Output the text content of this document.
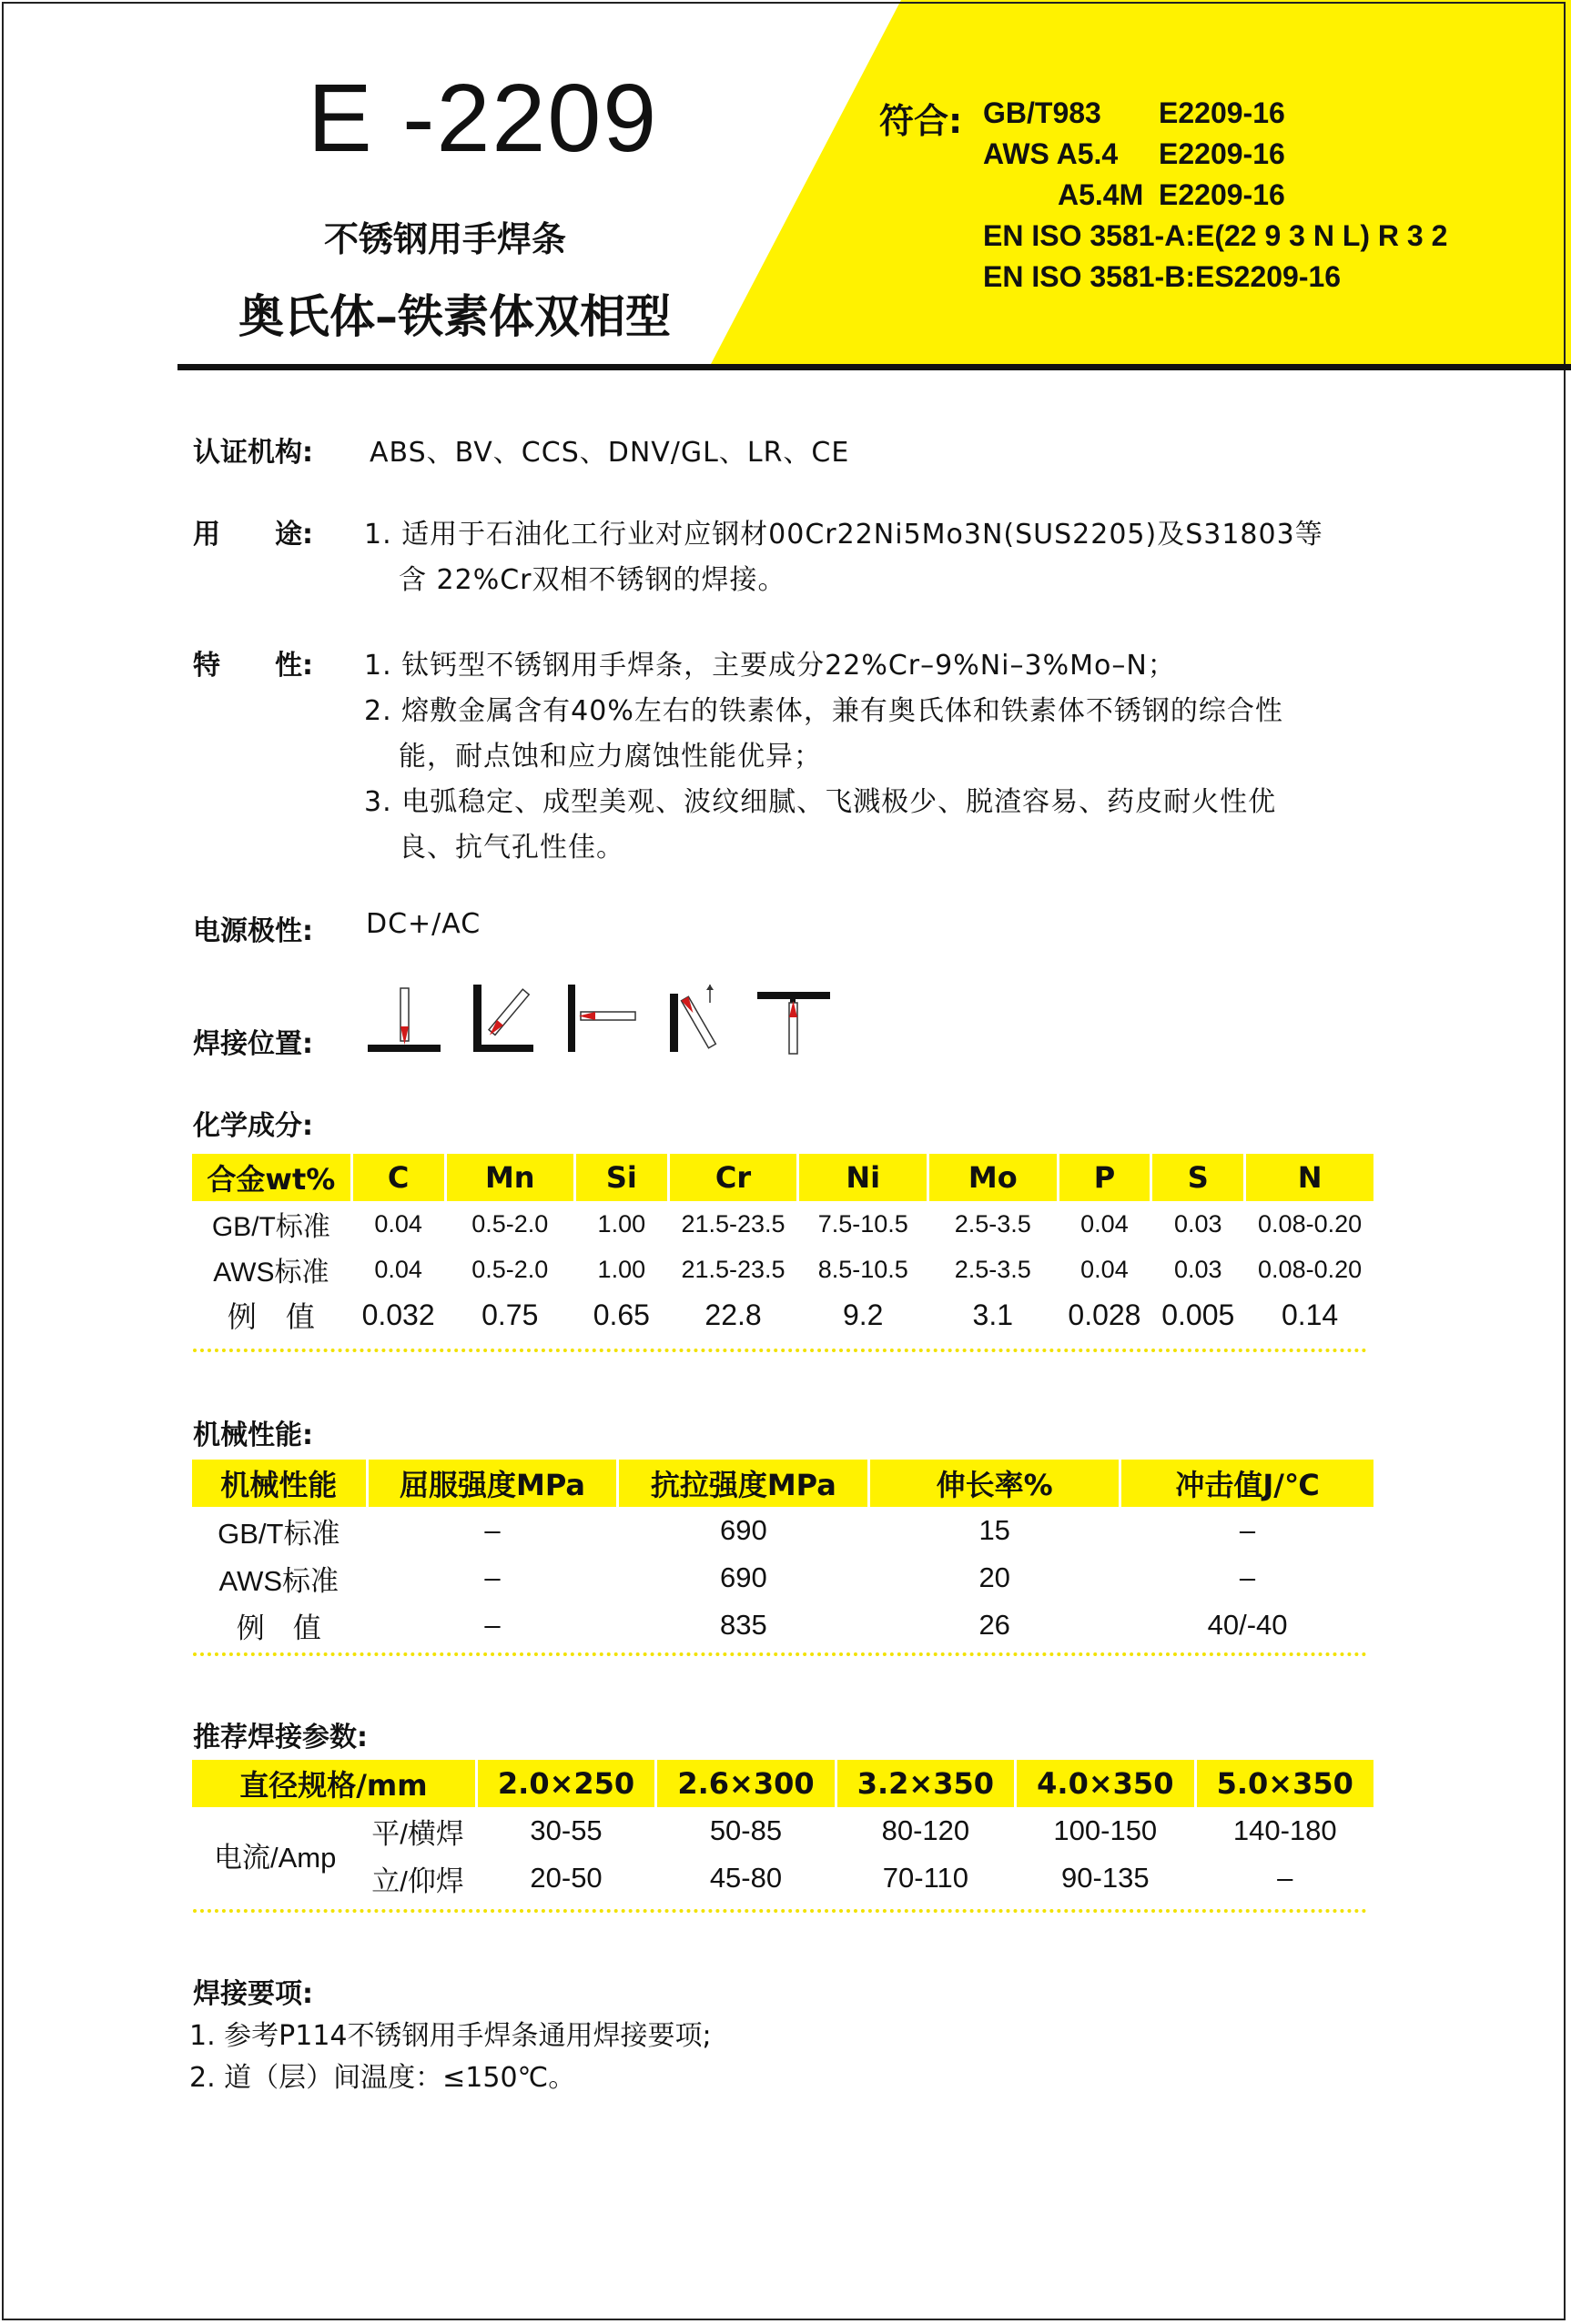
E -2209
不锈钢用手焊条
奥氏体–铁素体双相型
符合: GB/T983 E2209-16
AWS A5.4 E2209-16
A5.4M E2209-16
EN ISO 3581-A:E(22 9 3 N L) R 3 2
EN ISO 3581-B:ES2209-16
认证机构: ABS、BV、CCS、DNV/GL、LR、CE
用　　途: 1. 适用于石油化工行业对应钢材00Cr22Ni5Mo3N(SUS2205)及S31803等
含 22%Cr双相不锈钢的焊接。
特　　性: 1. 钛钙型不锈钢用手焊条，主要成分22%Cr–9%Ni–3%Mo–N；
2. 熔敷金属含有40%左右的铁素体，兼有奥氏体和铁素体不锈钢的综合性
能，耐点蚀和应力腐蚀性能优异；
3. 电弧稳定、成型美观、波纹细腻、飞溅极少、脱渣容易、药皮耐火性优
良、抗气孔性佳。
电源极性: DC+/AC
焊接位置:
化学成分:
合金wt%	C	Mn	Si	Cr	Ni	Mo	P	S	N
GB/T标准	0.04	0.5-2.0	1.00	21.5-23.5	7.5-10.5	2.5-3.5	0.04	0.03	0.08-0.20
AWS标准	0.04	0.5-2.0	1.00	21.5-23.5	8.5-10.5	2.5-3.5	0.04	0.03	0.08-0.20
例　值	0.032	0.75	0.65	22.8	9.2	3.1	0.028	0.005	0.14
机械性能:
机械性能	屈服强度MPa	抗拉强度MPa	伸长率%	冲击值J/℃
GB/T标准	–	690	15	–
AWS标准	–	690	20	–
例　值	–	835	26	40/-40
推荐焊接参数:
直径规格/mm		2.0×250	2.6×300	3.2×350	4.0×350	5.0×350
电流/Amp	平/横焊	30-55	50-85	80-120	100-150	140-180
	立/仰焊	20-50	45-80	70-110	90-135	–
焊接要项:
1. 参考P114不锈钢用手焊条通用焊接要项;
2. 道（层）间温度：≤150℃。
